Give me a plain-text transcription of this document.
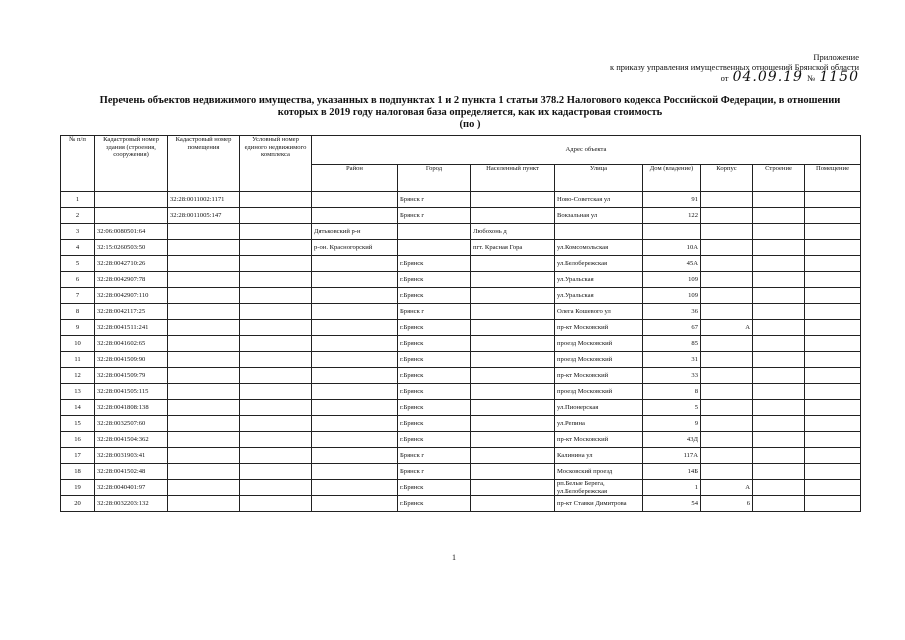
Приложение
к приказу управления имущественных отношений Брянской области
от 04.09.19 № 1150
Перечень объектов недвижимого имущества, указанных в подпунктах 1 и 2 пункта 1 статьи 378.2 Налогового кодекса Российской Федерации, в отношении
которых в 2019 году налоговая база определяется, как их кадастровая стоимость
(по )
№ п/п	Кадастровый номер здания (строения, сооружения)	Кадастровый номер помещения	Условный номер единого недвижимого комплекса	Адрес объекта							
				Район	Город	Населенный пункт	Улица	Дом (владение)	Корпус	Строение	Помещение
1		32:28:0011002:1171			Брянск г		Ново-Советская ул	91			
2		32:28:0011005:147			Брянск г		Вокзальная ул	122			
3	32:06:0080501:64			Дятьковский р-н		Любохонь д					
4	32:15:0260503:50			р-он. Красногорский		пгт. Красная Гора	ул.Комсомольская	10А			
5	32:28:0042710:26				г.Брянск		ул.Белобережская	45А			
6	32:28:0042907:78				г.Брянск		ул.Уральская	109			
7	32:28:0042907:110				г.Брянск		ул.Уральская	109			
8	32:28:0042117:25				Брянск г		Олега Кошевого ул	36			
9	32:28:0041511:241				г.Брянск		пр-кт Московский	67	А		
10	32:28:0041602:65				г.Брянск		проезд Московский	85			
11	32:28:0041509:90				г.Брянск		проезд Московский	31			
12	32:28:0041509:79				г.Брянск		пр-кт Московский	33			
13	32:28:0041505:115				г.Брянск		проезд Московский	8			
14	32:28:0041808:138				г.Брянск		ул.Пионерская	5			
15	32:28:0032507:60				г.Брянск		ул.Репина	9			
16	32:28:0041504:362				г.Брянск		пр-кт Московский	43Д			
17	32:28:0031903:41				Брянск г		Калинина ул	117А			
18	32:28:0041502:48				Брянск г		Московский проезд	14Б			
19	32:28:0040401:97				г.Брянск		рп.Белые Берега, ул.Белобережская	1	А		
20	32:28:0032203:132				г.Брянск		пр-кт Ставки Димитрова	54	6		
1
